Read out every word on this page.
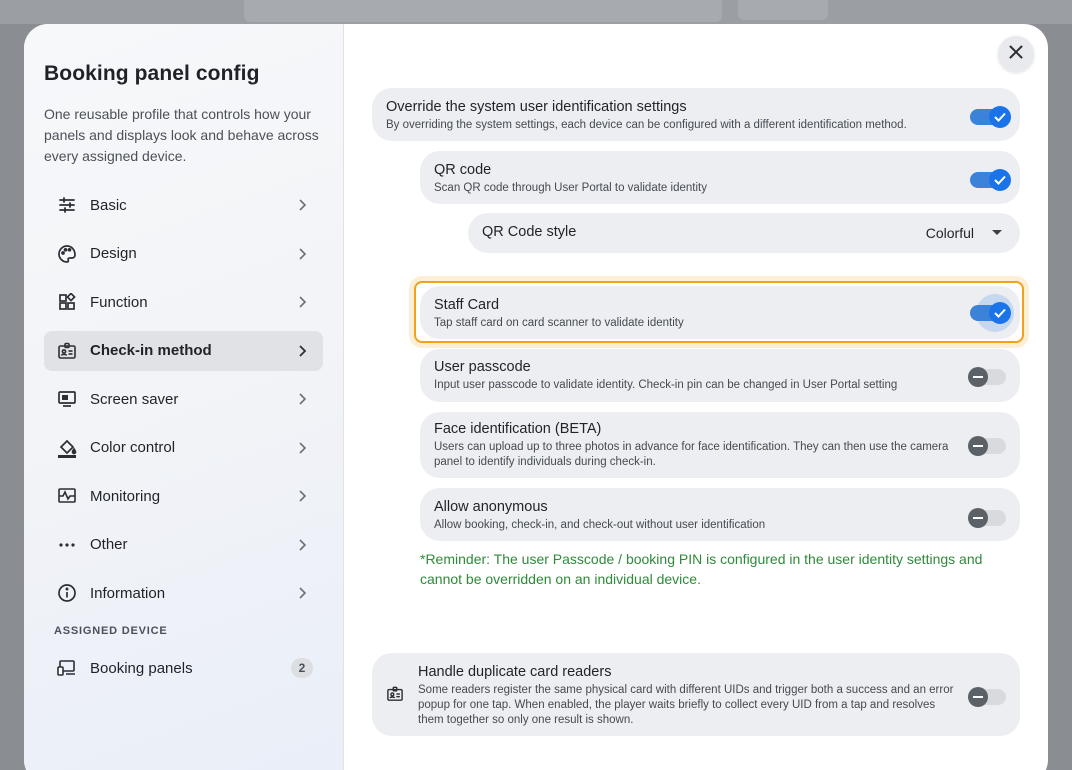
Booking panel config
One reusable profile that controls how your panels and displays look and behave across every assigned device.
Basic
Design
Function
Check-in method
Screen saver
Color control
Monitoring
Other
Information
ASSIGNED DEVICE
Booking panels	2
Override the system user identification settings
By overriding the system settings, each device can be configured with a different identification method.
QR code
Scan QR code through User Portal to validate identity
QR Code style	Colorful
Staff Card
Tap staff card on card scanner to validate identity
User passcode
Input user passcode to validate identity. Check-in pin can be changed in User Portal setting
Face identification (BETA)
Users can upload up to three photos in advance for face identification. They can then use the camera
panel to identify individuals during check-in.
Allow anonymous
Allow booking, check-in, and check-out without user identification
*Reminder: The user Passcode / booking PIN is configured in the user identity settings and cannot be overridden on an individual device.
Handle duplicate card readers
Some readers register the same physical card with different UIDs and trigger both a success and an error
popup for one tap. When enabled, the player waits briefly to collect every UID from a tap and resolves
them together so only one result is shown.
